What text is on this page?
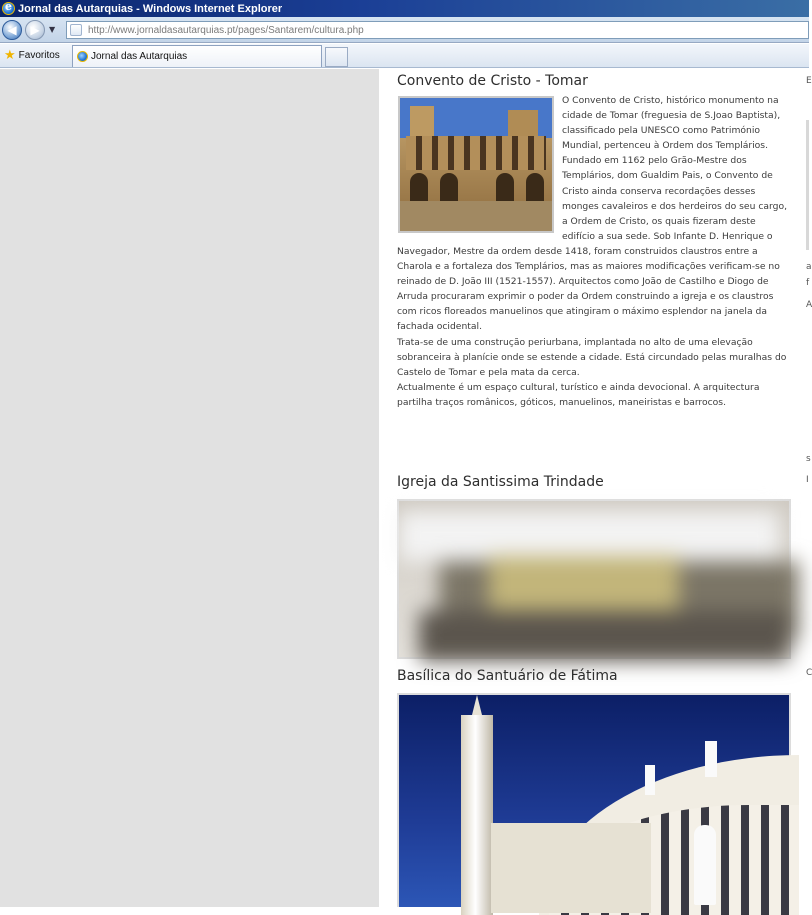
e
Jornal das Autarquias - Windows Internet Explorer
◀ ▶ ▼	http://www.jornaldasautarquias.pt/pages/Santarem/cultura.php
★ Favoritos	Jornal das Autarquias
Convento de Cristo - Tomar

O Convento de Cristo, histórico monumento na cidade de Tomar (freguesia de S.Joao Baptista), classificado pela UNESCO como Património Mundial, pertenceu à Ordem dos Templários. Fundado em 1162 pelo Grão-Mestre dos Templários, dom Gualdim Pais, o Convento de Cristo ainda conserva recordações desses monges cavaleiros e dos herdeiros do seu cargo, a Ordem de Cristo, os quais fizeram deste edifício a sua sede. Sob Infante D. Henrique o Navegador, Mestre da ordem desde 1418, foram construidos claustros entre a Charola e a fortaleza dos Templários, mas as maiores modificações verificam-se no reinado de D. João III (1521-1557). Arquitectos como João de Castilho e Diogo de Arruda procuraram exprimir o poder da Ordem construindo a igreja e os claustros com ricos floreados manuelinos que atingiram o máximo esplendor na janela da fachada ocidental.

Trata-se de uma construção periurbana, implantada no alto de uma elevação sobranceira à planície onde se estende a cidade. Está circundado pelas muralhas do Castelo de Tomar e pela mata da cerca.

Actualmente é um espaço cultural, turístico e ainda devocional. A arquitectura partilha traços românicos, góticos, manuelinos, maneiristas e barrocos.

Igreja da Santissima Trindade
Basílica do Santuário de Fátima
E
a
f
A
s
I
C
